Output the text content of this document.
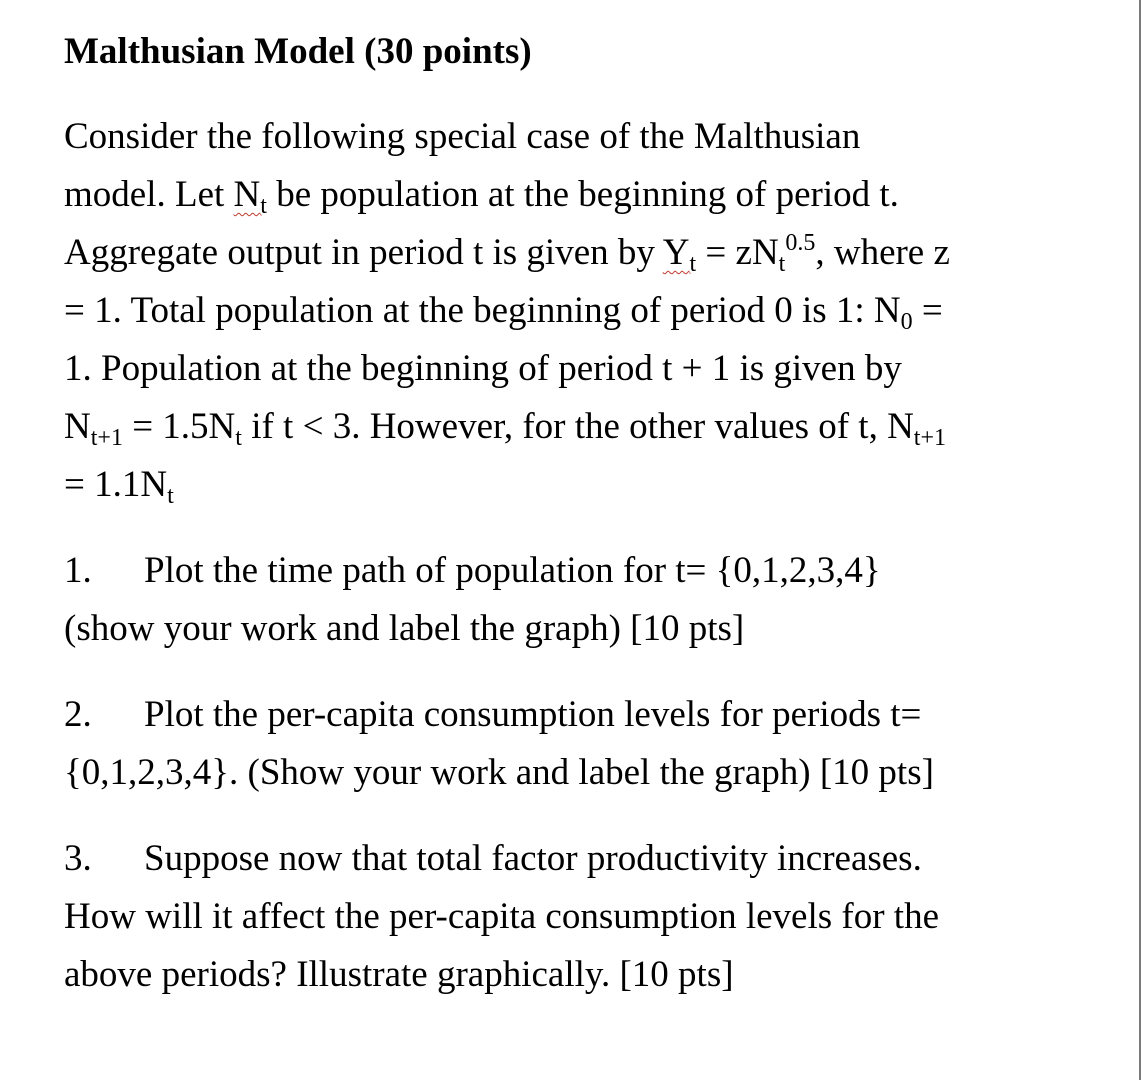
Malthusian Model (30 points)
Consider the following special case of the Malthusian
model. Let $N_t$ be population at the beginning of period t.
Aggregate output in period t is given by $Y_t = zN_t^{0.5}$, where z
= 1. Total population at the beginning of period 0 is 1: $N_0$ =
1. Population at the beginning of period t + 1 is given by
$N_{t+1} = 1.5N_t$ if t < 3. However, for the other values of t, $N_{t+1}$
= $1.1N_t$
1. Plot the time path of population for t= {0,1,2,3,4}
(show your work and label the graph) [10 pts]
2. Plot the per-capita consumption levels for periods t=
{0,1,2,3,4}. (Show your work and label the graph) [10 pts]
3. Suppose now that total factor productivity increases.
How will it affect the per-capita consumption levels for the
above periods? Illustrate graphically. [10 pts]
